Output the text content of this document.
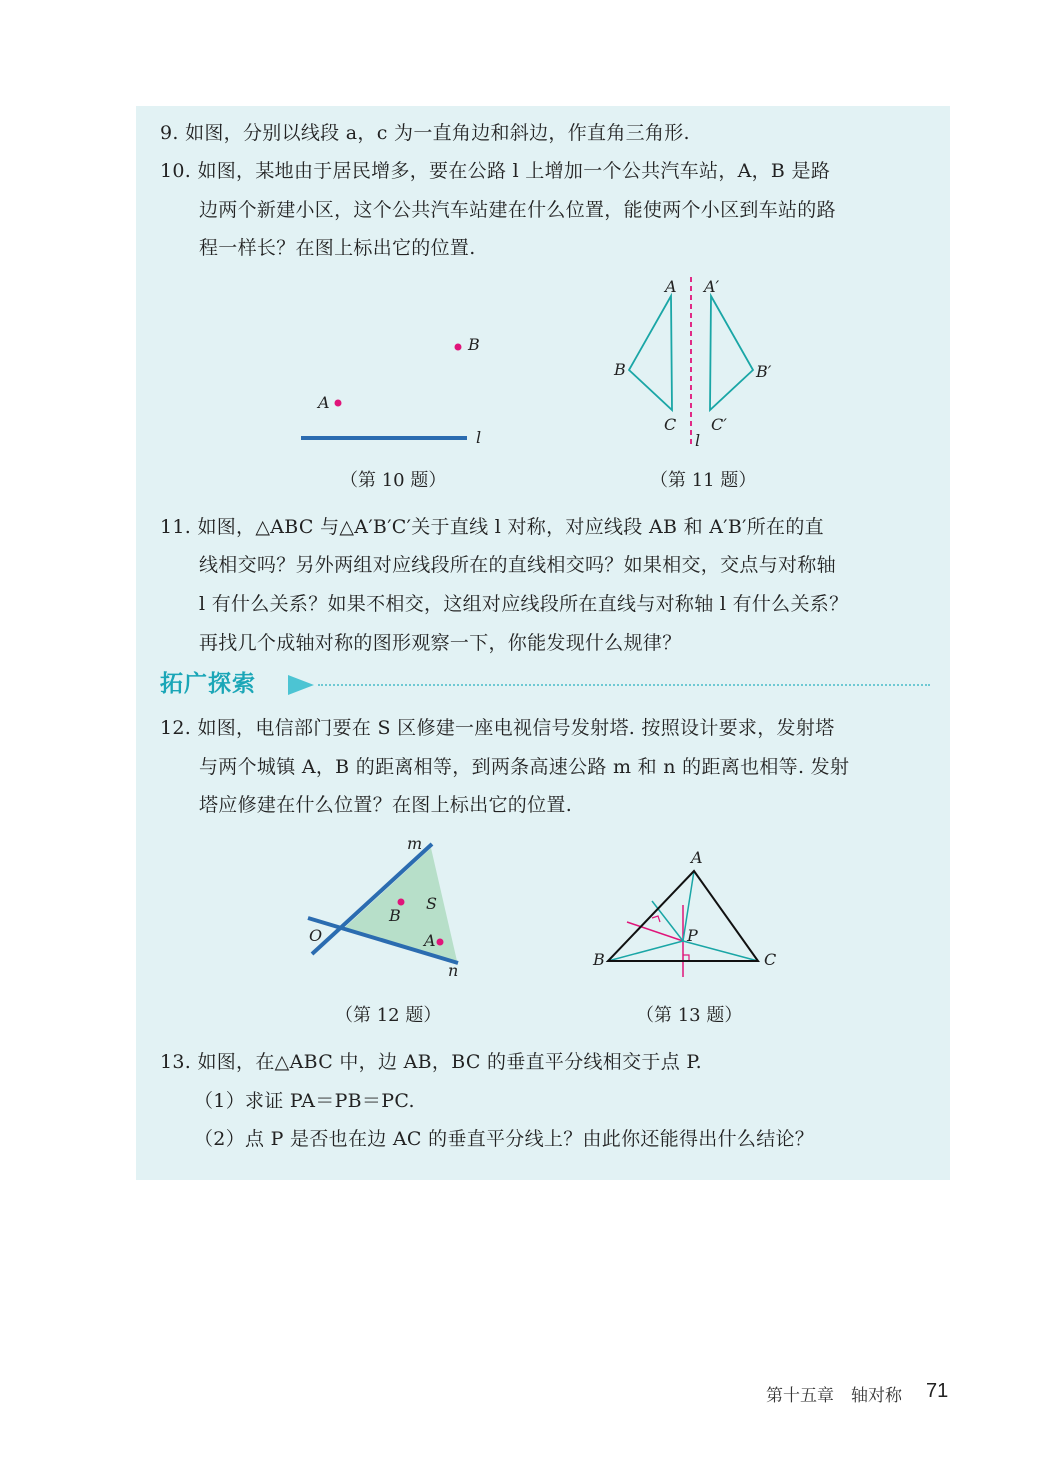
9. 如图，分别以线段 a，c 为一直角边和斜边，作直角三角形.
10. 如图，某地由于居民增多，要在公路 l 上增加一个公共汽车站，A，B 是路
边两个新建小区，这个公共汽车站建在什么位置，能使两个小区到车站的路
程一样长？在图上标出它的位置.
B
A
l
（第 10 题）
A A′
B	B′
C C′
l
（第 11 题）
11. 如图，△ABC 与△A′B′C′关于直线 l 对称，对应线段 AB 和 A′B′所在的直
线相交吗？另外两组对应线段所在的直线相交吗？如果相交，交点与对称轴
l 有什么关系？如果不相交，这组对应线段所在直线与对称轴 l 有什么关系？
再找几个成轴对称的图形观察一下，你能发现什么规律？
拓广探索
12. 如图，电信部门要在 S 区修建一座电视信号发射塔. 按照设计要求，发射塔
与两个城镇 A，B 的距离相等，到两条高速公路 m 和 n 的距离也相等. 发射
塔应修建在什么位置？在图上标出它的位置.
m
n
O
S
B
A
（第 12 题）
A
B	C
P
（第 13 题）
13. 如图，在△ABC 中，边 AB，BC 的垂直平分线相交于点 P.
（1）求证 PA＝PB＝PC.
（2）点 P 是否也在边 AC 的垂直平分线上？由此你还能得出什么结论？
第十五章　轴对称 71
